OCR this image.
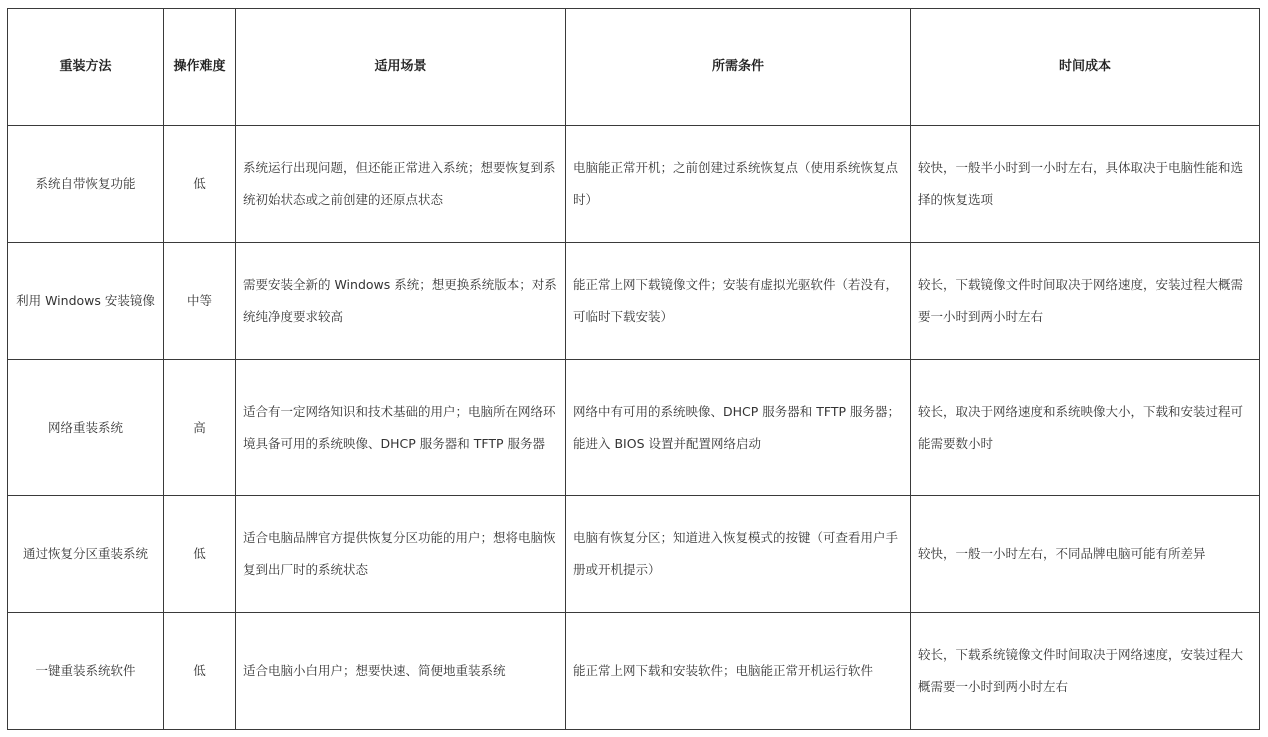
重装方法	操作难度	适用场景	所需条件	时间成本
系统自带恢复功能	低	系统运行出现问题，但还能正常进入系统；想要恢复到系统初始状态或之前创建的还原点状态	电脑能正常开机；之前创建过系统恢复点（使用系统恢复点时）	较快，一般半小时到一小时左右，具体取决于电脑性能和选择的恢复选项
利用 Windows 安装镜像	中等	需要安装全新的 Windows 系统；想更换系统版本；对系统纯净度要求较高	能正常上网下载镜像文件；安装有虚拟光驱软件（若没有，可临时下载安装）	较长，下载镜像文件时间取决于网络速度，安装过程大概需要一小时到两小时左右
网络重装系统	高	适合有一定网络知识和技术基础的用户；电脑所在网络环境具备可用的系统映像、DHCP 服务器和 TFTP 服务器	网络中有可用的系统映像、DHCP 服务器和 TFTP 服务器；能进入 BIOS 设置并配置网络启动	较长，取决于网络速度和系统映像大小，下载和安装过程可能需要数小时
通过恢复分区重装系统	低	适合电脑品牌官方提供恢复分区功能的用户；想将电脑恢复到出厂时的系统状态	电脑有恢复分区；知道进入恢复模式的按键（可查看用户手册或开机提示）	较快，一般一小时左右，不同品牌电脑可能有所差异
一键重装系统软件	低	适合电脑小白用户；想要快速、简便地重装系统	能正常上网下载和安装软件；电脑能正常开机运行软件	较长，下载系统镜像文件时间取决于网络速度，安装过程大概需要一小时到两小时左右
